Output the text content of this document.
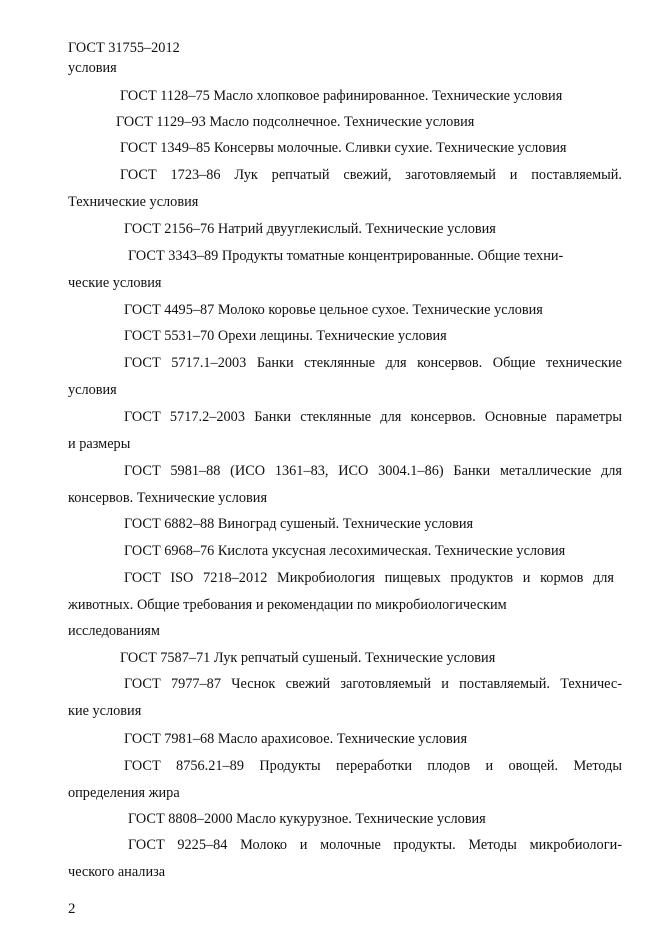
ГОСТ 31755–2012
условия
ГОСТ 1128–75 Масло хлопковое рафинированное. Технические условия
ГОСТ 1129–93 Масло подсолнечное. Технические условия
ГОСТ 1349–85 Консервы молочные. Сливки сухие. Технические условия
ГОСТ 1723–86 Лук репчатый свежий, заготовляемый и поставляемый.
Технические условия
ГОСТ 2156–76 Натрий двууглекислый. Технические условия
ГОСТ 3343–89 Продукты томатные концентрированные. Общие техни-
ческие условия
ГОСТ 4495–87 Молоко коровье цельное сухое. Технические условия
ГОСТ 5531–70 Орехи лещины. Технические условия
ГОСТ 5717.1–2003 Банки стеклянные для консервов. Общие технические
условия
ГОСТ 5717.2–2003 Банки стеклянные для консервов. Основные параметры
и размеры
ГОСТ 5981–88 (ИСО 1361–83, ИСО 3004.1–86) Банки металлические для
консервов. Технические условия
ГОСТ 6882–88 Виноград сушеный. Технические условия
ГОСТ 6968–76 Кислота уксусная лесохимическая. Технические условия
ГОСТ ISO 7218–2012 Микробиология пищевых продуктов и кормов для
животных. Общие требования и рекомендации по микробиологическим
исследованиям
ГОСТ 7587–71 Лук репчатый сушеный. Технические условия
ГОСТ 7977–87 Чеснок свежий заготовляемый и поставляемый. Техничес-
кие условия
ГОСТ 7981–68 Масло арахисовое. Технические условия
ГОСТ 8756.21–89 Продукты переработки плодов и овощей. Методы
определения жира
ГОСТ 8808–2000 Масло кукурузное. Технические условия
ГОСТ 9225–84 Молоко и молочные продукты. Методы микробиологи-
ческого анализа
2
